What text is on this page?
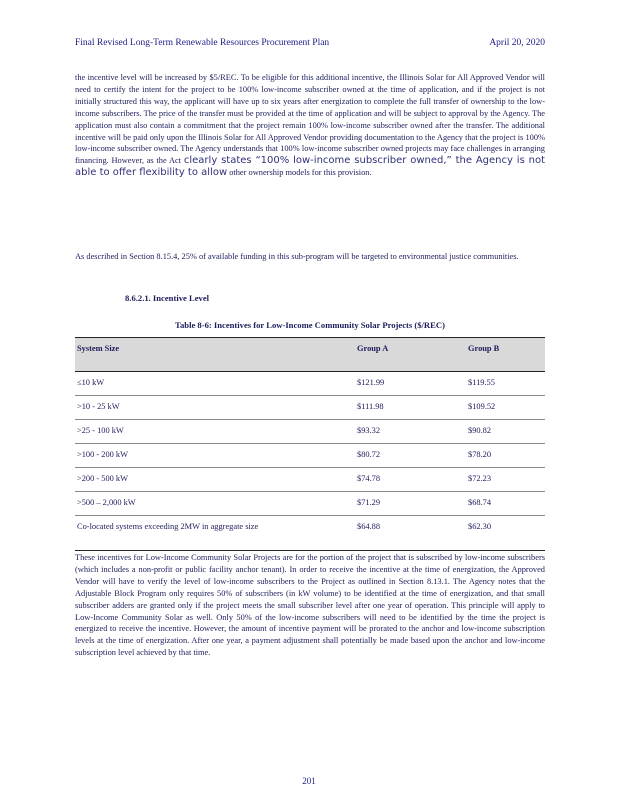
Final Revised Long-Term Renewable Resources Procurement Plan	April 20, 2020
the incentive level will be increased by $5/REC. To be eligible for this additional incentive, the Illinois Solar for All Approved Vendor will need to certify the intent for the project to be 100% low-income subscriber owned at the time of application, and if the project is not initially structured this way, the applicant will have up to six years after energization to complete the full transfer of ownership to the low-income subscribers. The price of the transfer must be provided at the time of application and will be subject to approval by the Agency. The application must also contain a commitment that the project remain 100% low-income subscriber owned after the transfer. The additional incentive will be paid only upon the Illinois Solar for All Approved Vendor providing documentation to the Agency that the project is 100% low-income subscriber owned. The Agency understands that 100% low-income subscriber owned projects may face challenges in arranging financing. However, as the Act clearly states “100% low-income subscriber owned,” the Agency is not able to offer flexibility to allow other ownership models for this provision.
As described in Section 8.15.4, 25% of available funding in this sub-program will be targeted to environmental justice communities.
8.6.2.1. Incentive Level
Table 8-6: Incentives for Low-Income Community Solar Projects ($/REC)
System Size	Group A	Group B
≤10 kW	$121.99	$119.55
>10 - 25 kW	$111.98	$109.52
>25 - 100 kW	$93.32	$90.82
>100 - 200 kW	$80.72	$78.20
>200 - 500 kW	$74.78	$72.23
>500 – 2,000 kW	$71.29	$68.74
Co-located systems exceeding 2MW in aggregate size	$64.88	$62.30
These incentives for Low-Income Community Solar Projects are for the portion of the project that is subscribed by low-income subscribers (which includes a non-profit or public facility anchor tenant). In order to receive the incentive at the time of energization, the Approved Vendor will have to verify the level of low-income subscribers to the Project as outlined in Section 8.13.1. The Agency notes that the Adjustable Block Program only requires 50% of subscribers (in kW volume) to be identified at the time of energization, and that small subscriber adders are granted only if the project meets the small subscriber level after one year of operation. This principle will apply to Low-Income Community Solar as well. Only 50% of the low-income subscribers will need to be identified by the time the project is energized to receive the incentive. However, the amount of incentive payment will be prorated to the anchor and low-income subscription levels at the time of energization. After one year, a payment adjustment shall potentially be made based upon the anchor and low-income subscription level achieved by that time.
201
